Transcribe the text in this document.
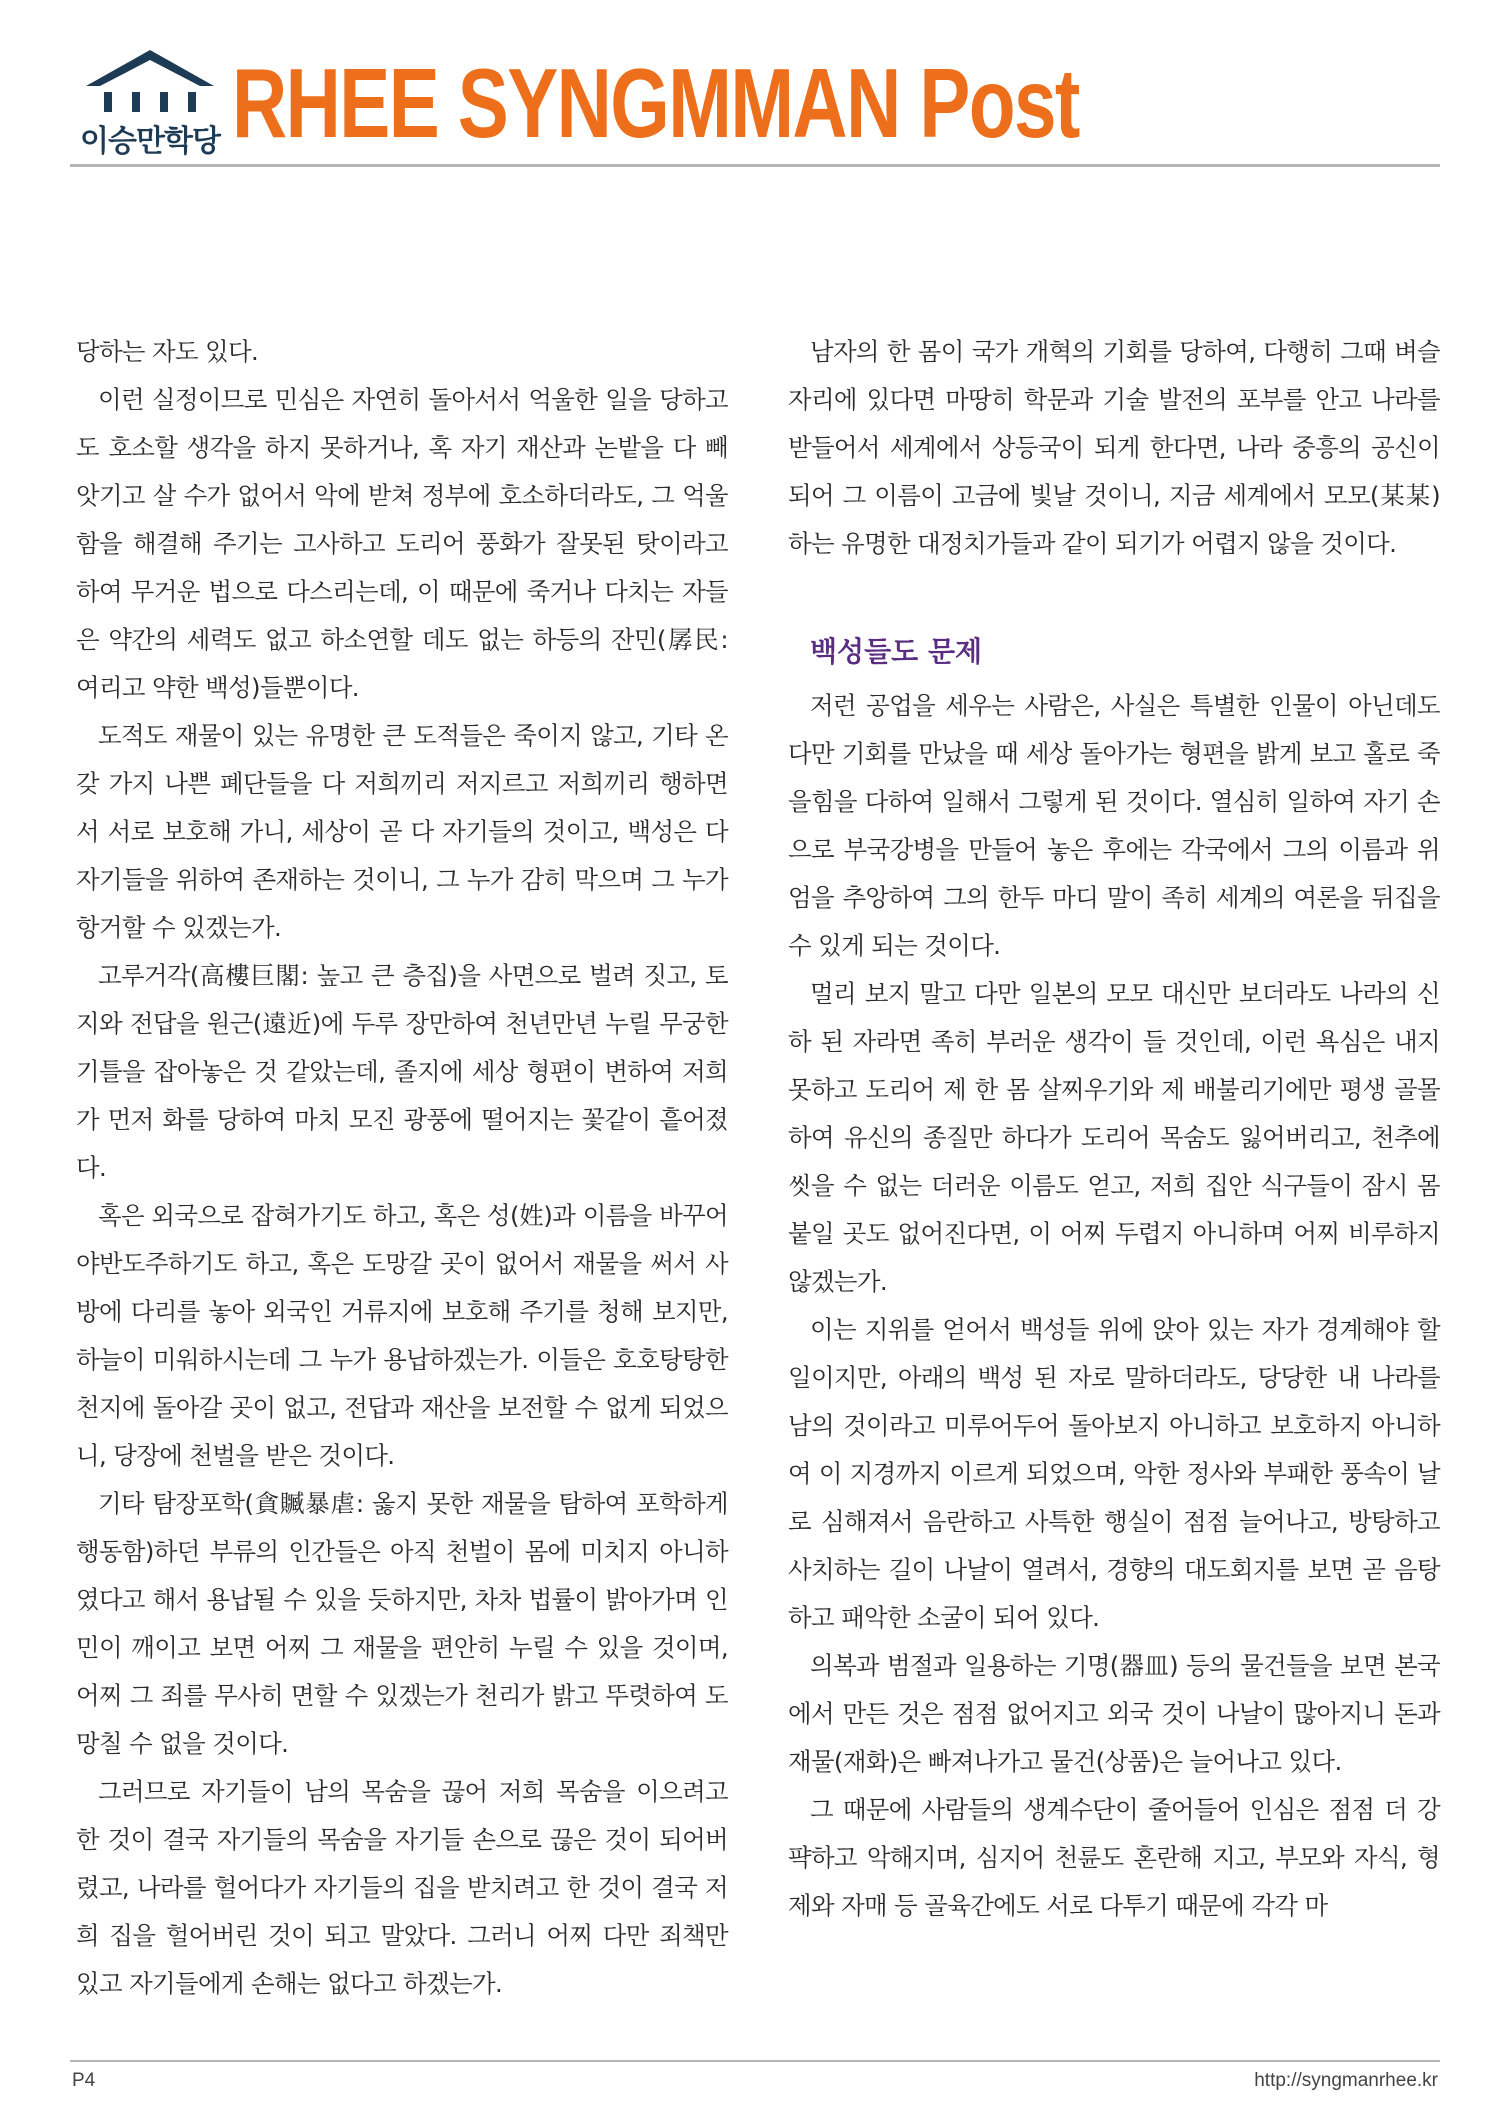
이승만학당 RHEE SYNGMMAN Post

당하는 자도 있다.

이런 실정이므로 민심은 자연히 돌아서서 억울한 일을 당하고도 호소할 생각을 하지 못하거나, 혹 자기 재산과 논밭을 다 빼앗기고 살 수가 없어서 악에 받쳐 정부에 호소하더라도, 그 억울함을 해결해 주기는 고사하고 도리어 풍화가 잘못된 탓이라고 하여 무거운 법으로 다스리는데, 이 때문에 죽거나 다치는 자들은 약간의 세력도 없고 하소연할 데도 없는 하등의 잔민(孱民: 여리고 약한 백성)들뿐이다.

도적도 재물이 있는 유명한 큰 도적들은 죽이지 않고, 기타 온갖 가지 나쁜 폐단들을 다 저희끼리 저지르고 저희끼리 행하면서 서로 보호해 가니, 세상이 곧 다 자기들의 것이고, 백성은 다 자기들을 위하여 존재하는 것이니, 그 누가 감히 막으며 그 누가 항거할 수 있겠는가.

고루거각(高樓巨閣: 높고 큰 층집)을 사면으로 벌려 짓고, 토지와 전답을 원근(遠近)에 두루 장만하여 천년만년 누릴 무궁한 기틀을 잡아놓은 것 같았는데, 졸지에 세상 형편이 변하여 저희가 먼저 화를 당하여 마치 모진 광풍에 떨어지는 꽃같이 흩어졌다.

혹은 외국으로 잡혀가기도 하고, 혹은 성(姓)과 이름을 바꾸어 야반도주하기도 하고, 혹은 도망갈 곳이 없어서 재물을 써서 사방에 다리를 놓아 외국인 거류지에 보호해 주기를 청해 보지만, 하늘이 미워하시는데 그 누가 용납하겠는가. 이들은 호호탕탕한 천지에 돌아갈 곳이 없고, 전답과 재산을 보전할 수 없게 되었으니, 당장에 천벌을 받은 것이다.

기타 탐장포학(貪贓暴虐: 옳지 못한 재물을 탐하여 포학하게 행동함)하던 부류의 인간들은 아직 천벌이 몸에 미치지 아니하였다고 해서 용납될 수 있을 듯하지만, 차차 법률이 밝아가며 인민이 깨이고 보면 어찌 그 재물을 편안히 누릴 수 있을 것이며, 어찌 그 죄를 무사히 면할 수 있겠는가 천리가 밝고 뚜렷하여 도망칠 수 없을 것이다.

그러므로 자기들이 남의 목숨을 끊어 저희 목숨을 이으려고 한 것이 결국 자기들의 목숨을 자기들 손으로 끊은 것이 되어버렸고, 나라를 헐어다가 자기들의 집을 받치려고 한 것이 결국 저희 집을 헐어버린 것이 되고 말았다. 그러니 어찌 다만 죄책만 있고 자기들에게 손해는 없다고 하겠는가.

남자의 한 몸이 국가 개혁의 기회를 당하여, 다행히 그때 벼슬자리에 있다면 마땅히 학문과 기술 발전의 포부를 안고 나라를 받들어서 세계에서 상등국이 되게 한다면, 나라 중흥의 공신이 되어 그 이름이 고금에 빛날 것이니, 지금 세계에서 모모(某某)하는 유명한 대정치가들과 같이 되기가 어렵지 않을 것이다.

백성들도 문제

저런 공업을 세우는 사람은, 사실은 특별한 인물이 아닌데도 다만 기회를 만났을 때 세상 돌아가는 형편을 밝게 보고 홀로 죽을힘을 다하여 일해서 그렇게 된 것이다. 열심히 일하여 자기 손으로 부국강병을 만들어 놓은 후에는 각국에서 그의 이름과 위엄을 추앙하여 그의 한두 마디 말이 족히 세계의 여론을 뒤집을 수 있게 되는 것이다.

멀리 보지 말고 다만 일본의 모모 대신만 보더라도 나라의 신하 된 자라면 족히 부러운 생각이 들 것인데, 이런 욕심은 내지 못하고 도리어 제 한 몸 살찌우기와 제 배불리기에만 평생 골몰하여 유신의 종질만 하다가 도리어 목숨도 잃어버리고, 천추에 씻을 수 없는 더러운 이름도 얻고, 저희 집안 식구들이 잠시 몸 붙일 곳도 없어진다면, 이 어찌 두렵지 아니하며 어찌 비루하지 않겠는가.

이는 지위를 얻어서 백성들 위에 앉아 있는 자가 경계해야 할 일이지만, 아래의 백성 된 자로 말하더라도, 당당한 내 나라를 남의 것이라고 미루어두어 돌아보지 아니하고 보호하지 아니하여 이 지경까지 이르게 되었으며, 악한 정사와 부패한 풍속이 날로 심해져서 음란하고 사특한 행실이 점점 늘어나고, 방탕하고 사치하는 길이 나날이 열려서, 경향의 대도회지를 보면 곧 음탕하고 패악한 소굴이 되어 있다.

의복과 범절과 일용하는 기명(器皿) 등의 물건들을 보면 본국에서 만든 것은 점점 없어지고 외국 것이 나날이 많아지니 돈과 재물(재화)은 빠져나가고 물건(상품)은 늘어나고 있다.

그 때문에 사람들의 생계수단이 줄어들어 인심은 점점 더 강퍅하고 악해지며, 심지어 천륜도 혼란해 지고, 부모와 자식, 형제와 자매 등 골육간에도 서로 다투기 때문에 각각 마

P4	http://syngmanrhee.kr
